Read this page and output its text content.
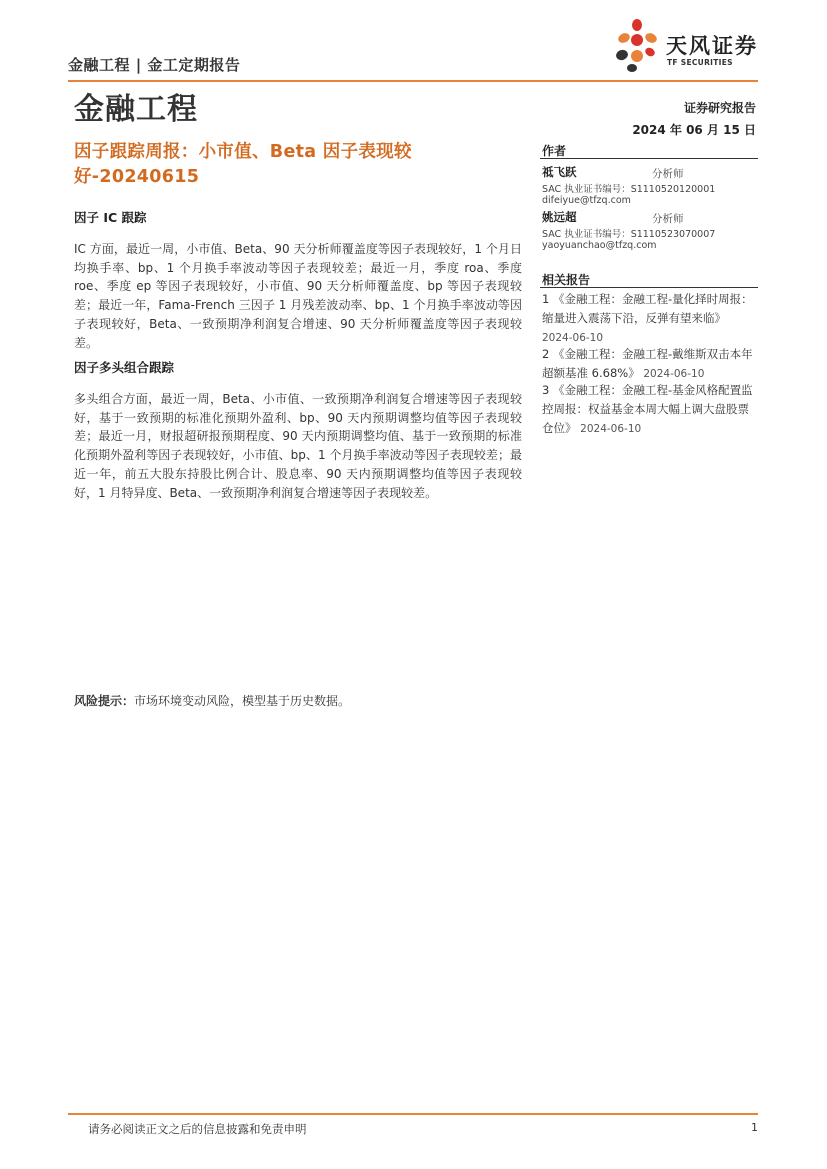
金融工程 | 金工定期报告
天风证券
TF SECURITIES
金融工程	证券研究报告
2024 年 06 月 15 日
因子跟踪周报：小市值、Beta 因子表现较好-20240615
因子 IC 跟踪
IC 方面，最近一周，小市值、Beta、90 天分析师覆盖度等因子表现较好，1 个月日均换手率、bp、1 个月换手率波动等因子表现较差；最近一月，季度 roa、季度 roe、季度 ep 等因子表现较好，小市值、90 天分析师覆盖度、bp 等因子表现较差；最近一年，Fama-French 三因子 1 月残差波动率、bp、1 个月换手率波动等因子表现较好，Beta、一致预期净利润复合增速、90 天分析师覆盖度等因子表现较差。
因子多头组合跟踪
多头组合方面，最近一周，Beta、小市值、一致预期净利润复合增速等因子表现较好，基于一致预期的标准化预期外盈利、bp、90 天内预期调整均值等因子表现较差；最近一月，财报超研报预期程度、90 天内预期调整均值、基于一致预期的标准化预期外盈利等因子表现较好，小市值、bp、1 个月换手率波动等因子表现较差；最近一年，前五大股东持股比例合计、股息率、90 天内预期调整均值等因子表现较好，1 月特异度、Beta、一致预期净利润复合增速等因子表现较差。
风险提示：市场环境变动风险，模型基于历史数据。
作者
祗飞跃	分析师
SAC 执业证书编号：S1110520120001
difeiyue@tfzq.com
姚远超	分析师
SAC 执业证书编号：S1110523070007
yaoyuanchao@tfzq.com
相关报告
1 《金融工程：金融工程-量化择时周报：缩量进入震荡下沿，反弹有望来临》 2024-06-10
2 《金融工程：金融工程-戴维斯双击本年超额基准 6.68%》 2024-06-10
3 《金融工程：金融工程-基金风格配置监控周报：权益基金本周大幅上调大盘股票仓位》 2024-06-10
请务必阅读正文之后的信息披露和免责申明	1
